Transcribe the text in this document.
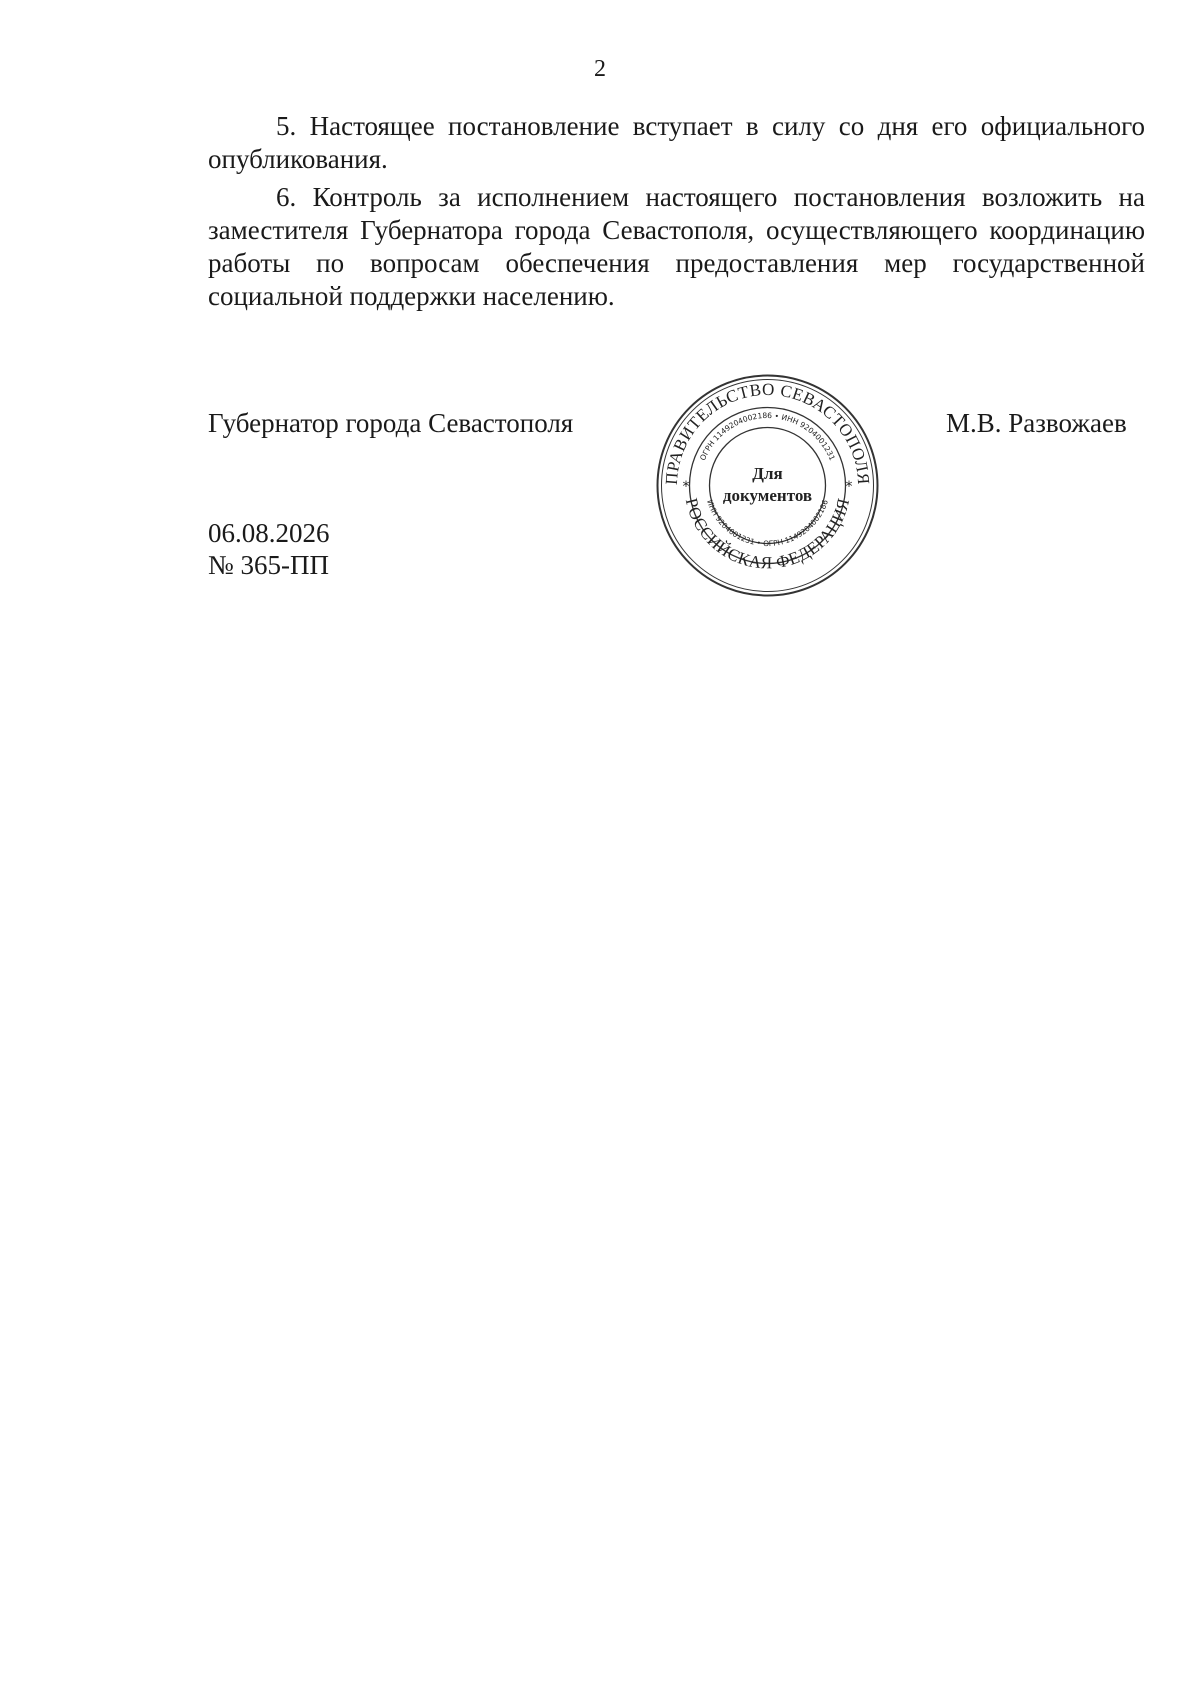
2

5. Настоящее постановление вступает в силу со дня его официального опубликования.

6. Контроль за исполнением настоящего постановления возложить на заместителя Губернатора города Севастополя, осуществляющего координацию работы по вопросам обеспечения предоставления мер государственной социальной поддержки населению.

Губернатор города Севастополя	М.В. Развожаев
06.08.2026
№ 365-ПП
ПРАВИТЕЛЬСТВО СЕВАСТОПОЛЯ
РОССИЙСКАЯ ФЕДЕРАЦИЯ
ОГРН 1149204002186 • ИНН 9204001231
ИНН 9204001231 • ОГРН 1149204002186
*	*
Для
документов
